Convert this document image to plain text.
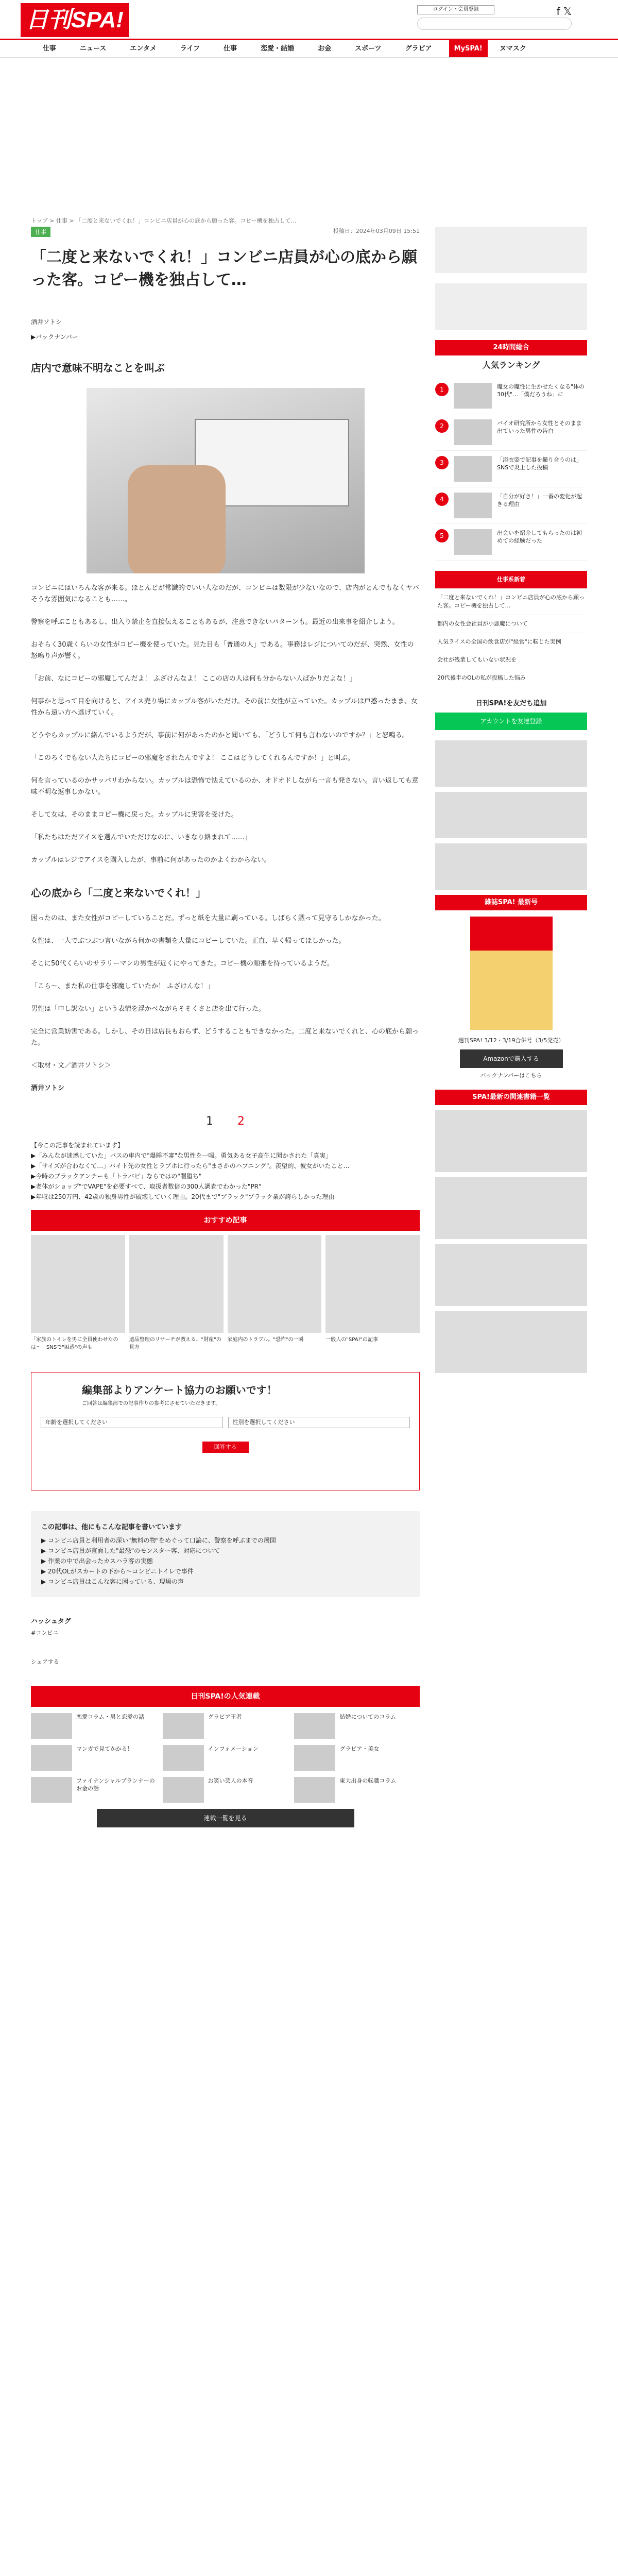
日刊SPA!	ログイン・会員登録	f 𝕏
仕事	ニュース	エンタメ	ライフ	仕事	恋愛・結婚	お金	スポーツ	グラビア	MySPA!	ヌマスク
トップ > 仕事 > 「二度と来ないでくれ！」コンビニ店員が心の底から願った客。コピー機を独占して…
仕事	投稿日：2024年03月09日 15:51
「二度と来ないでくれ！」コンビニ店員が心の底から願った客。コピー機を独占して…
酒井ソトシ
▶バックナンバー
店内で意味不明なことを叫ぶ

コンビニにはいろんな客が来る。ほとんどが常識的でいい人なのだが、コンビニは数限が少ないなので、店内がとんでもなくヤバそうな雰囲気になることも……。

警察を呼ぶこともあるし、出入り禁止を直接伝えることもあるが、注意できないパターンも。最近の出来事を紹介しよう。

おそらく30歳くらいの女性がコピー機を使っていた。見た目も「普通の人」である。事務はレジについてのだが、突然、女性の怒鳴り声が響く。

「お前、なにコピーの邪魔してんだよ！ ふざけんなよ！ ここの店の人は何も分からない人ばかりだよな！」

何事かと思って目を向けると、アイス売り場にカップル客がいただけ。その前に女性が立っていた。カップルは戸惑ったまま、女性から遠い方へ逃げていく。

どうやらカップルに絡んでいるようだが、事前に何があったのかと聞いても、「どうして何も言わないのですか？」と怒鳴る。

「このろくでもない人たちにコピーの邪魔をされたんですよ！ ここはどうしてくれるんですか！」と叫ぶ。

何を言っているのかサッパリわからない。カップルは恐怖で怯えているのか、オドオドしながら一言も発さない。言い返しても意味不明な返事しかない。

そして女は、そのままコピー機に戻った。カップルに実害を受けた。

「私たちはただアイスを選んでいただけなのに、いきなり絡まれて……」

カップルはレジでアイスを購入したが、事前に何があったのかよくわからない。

心の底から「二度と来ないでくれ！」

困ったのは、また女性がコピーしていることだ。ずっと紙を大量に刷っている。しばらく黙って見守るしかなかった。

女性は、一人でぶつぶつ言いながら何かの書類を大量にコピーしていた。正直、早く帰ってほしかった。

そこに50代くらいのサラリーマンの男性が近くにやってきた。コピー機の順番を待っているようだ。

「こら〜、また私の仕事を邪魔していたか！ ふざけんな！」

男性は「申し訳ない」という表情を浮かべながらそそくさと店を出て行った。

完全に営業妨害である。しかし、その日は店長もおらず、どうすることもできなかった。二度と来ないでくれと、心の底から願った。

＜取材・文／酒井ソトシ＞

酒井ソトシ

1 2
【今この記事を読まれています】
▶「みんなが迷惑していた」バスの車内で"爆睡不審"な男性を一喝。勇気ある女子高生に聞かされた「真実」
▶「サイズが合わなくて…」バイト先の女性とラブホに行ったら"まさかのハプニング"。羨望的、彼女がいたこと…
▶今時のブラックアンチーも「トラバビ」ならではの"闇堕ち"
▶老体がショップ"でVAPE"を必要すべて、取扱者数倍の300人調査でわかった"PR"
▶年収は250万円、42歳の独身男性が破壊していく理由。20代まで"ブラック"ブラック業が誇らしかった理由
おすすめ記事
「家族のトイレを男に全員使わせたのは〜」SNSで"困惑"の声も
遺品整理のリサーチが教える、"財産"の見方
家庭内のトラブル。"恐怖"の一瞬	一般人の"SPA!"の記事
編集部よりアンケート協力のお願いです！
ご回答は編集部での記事作りの参考にさせていただきます。
年齢を選択してください	性別を選択してください
回答する
この記事は、他にもこんな記事を書いています
▶ コンビニ店員と利用者の深い"無料の物"をめぐって口論に、警察を呼ぶまでの展開
▶ コンビニ店員が直面した"最恐"のモンスター客、対応について
▶ 作業の中で出会ったカスハラ客の実態
▶ 20代OLがスカートの下から〜コンビニトイレで事件
▶ コンビニ店員はこんな客に困っている、現場の声
ハッシュタグ
#コンビニ
シェアする
日刊SPA!の人気連載
恋愛コラム・男と恋愛の話	グラビア王者	結婚についてのコラム
マンガで見てかかる！	インフォメーション	グラビア・美女
ファイナンシャルプランナーのお金の話
お笑い芸人の本音	東大出身の転職コラム
連載一覧を見る
24時間総合
人気ランキング
1	魔女の魔性に生かせたくなる"体の30代"…「僕だろうね」に
2	バイオ研究所から女性とそのまま出ていった男性の告白
3	「浴衣姿で記事を撮り合うのは」SNSで炎上した投稿
4	「自分が好き！」一番の変化が起きる理由
5	出会いを紹介してもらったのは初めての経験だった
仕事系新着
「二度と来ないでくれ！」コンビニ店員が心の底から願った客。コピー機を独占して…
都内の女性会社員が小悪魔について
人気ライスの全国の飲食店が"経営"に転じた実例
会社が残業してもいない状況を
20代後半のOLの私が投稿した悩み
日刊SPA!を友だち追加
アカウントを友達登録
雑誌SPA! 最新号
週刊SPA! 3/12・3/19合併号（3/5発売）
Amazonで購入する
バックナンバーはこちら
SPA!最新の関連書籍一覧
